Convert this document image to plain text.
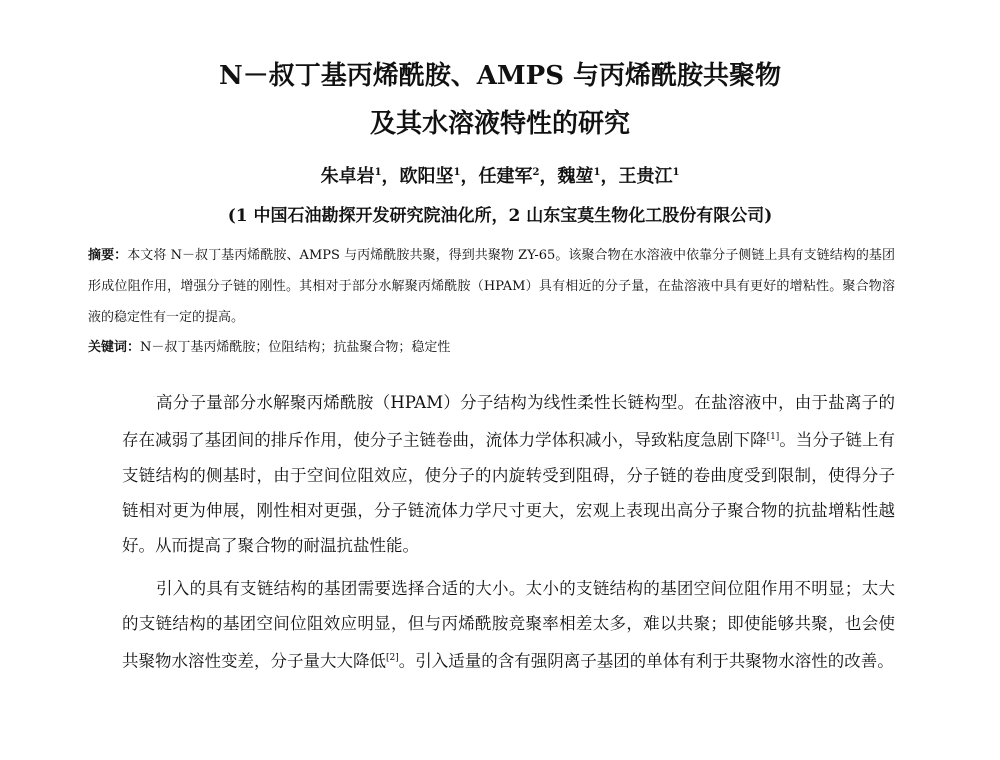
N－叔丁基丙烯酰胺、AMPS 与丙烯酰胺共聚物
及其水溶液特性的研究
朱卓岩$^1$，欧阳坚$^1$，任建军$^2$，魏堃$^1$，王贵江$^1$
(1 中国石油勘探开发研究院油化所，2 山东宝莫生物化工股份有限公司)
摘要：本文将 N－叔丁基丙烯酰胺、AMPS 与丙烯酰胺共聚，得到共聚物 ZY-65。该聚合物在水溶液中依靠分子侧链上具有支链结构的基团形成位阻作用，增强分子链的刚性。其相对于部分水解聚丙烯酰胺（HPAM）具有相近的分子量，在盐溶液中具有更好的增粘性。聚合物溶液的稳定性有一定的提高。
关键词：N－叔丁基丙烯酰胺；位阻结构；抗盐聚合物；稳定性

高分子量部分水解聚丙烯酰胺（HPAM）分子结构为线性柔性长链构型。在盐溶液中，由于盐离子的存在减弱了基团间的排斥作用，使分子主链卷曲，流体力学体积减小，导致粘度急剧下降[1]。当分子链上有支链结构的侧基时，由于空间位阻效应，使分子的内旋转受到阻碍，分子链的卷曲度受到限制，使得分子链相对更为伸展，刚性相对更强，分子链流体力学尺寸更大，宏观上表现出高分子聚合物的抗盐增粘性越好。从而提高了聚合物的耐温抗盐性能。

引入的具有支链结构的基团需要选择合适的大小。太小的支链结构的基团空间位阻作用不明显；太大的支链结构的基团空间位阻效应明显，但与丙烯酰胺竞聚率相差太多，难以共聚；即使能够共聚，也会使共聚物水溶性变差，分子量大大降低[2]。引入适量的含有强阴离子基团的单体有利于共聚物水溶性的改善。
